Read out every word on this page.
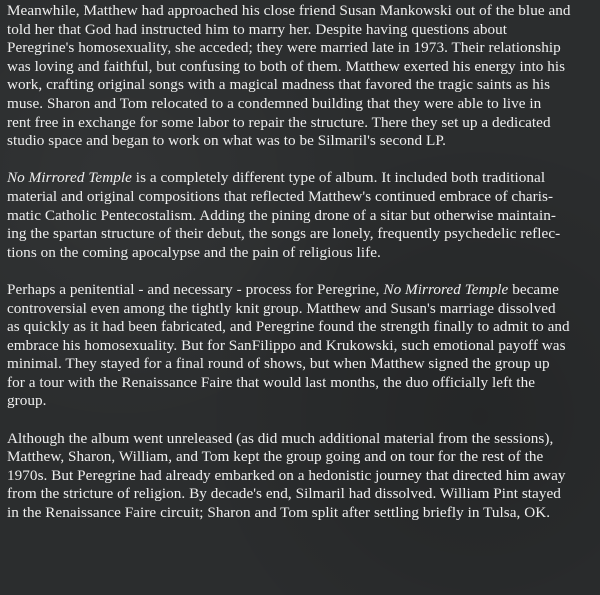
Meanwhile, Matthew had approached his close friend Susan Mankowski out of the blue and
told her that God had instructed him to marry her. Despite having questions about
Peregrine's homosexuality, she acceded; they were married late in 1973. Their relationship
was loving and faithful, but confusing to both of them. Matthew exerted his energy into his
work, crafting original songs with a magical madness that favored the tragic saints as his
muse. Sharon and Tom relocated to a condemned building that they were able to live in
rent free in exchange for some labor to repair the structure. There they set up a dedicated
studio space and began to work on what was to be Silmaril's second LP.
No Mirrored Temple is a completely different type of album. It included both traditional
material and original compositions that reflected Matthew's continued embrace of charis-
matic Catholic Pentecostalism. Adding the pining drone of a sitar but otherwise maintain-
ing the spartan structure of their debut, the songs are lonely, frequently psychedelic reflec-
tions on the coming apocalypse and the pain of religious life.
Perhaps a penitential - and necessary - process for Peregrine, No Mirrored Temple became
controversial even among the tightly knit group. Matthew and Susan's marriage dissolved
as quickly as it had been fabricated, and Peregrine found the strength finally to admit to and
embrace his homosexuality. But for SanFilippo and Krukowski, such emotional payoff was
minimal. They stayed for a final round of shows, but when Matthew signed the group up
for a tour with the Renaissance Faire that would last months, the duo officially left the
group.
Although the album went unreleased (as did much additional material from the sessions),
Matthew, Sharon, William, and Tom kept the group going and on tour for the rest of the
1970s. But Peregrine had already embarked on a hedonistic journey that directed him away
from the stricture of religion. By decade's end, Silmaril had dissolved. William Pint stayed
in the Renaissance Faire circuit; Sharon and Tom split after settling briefly in Tulsa, OK.
